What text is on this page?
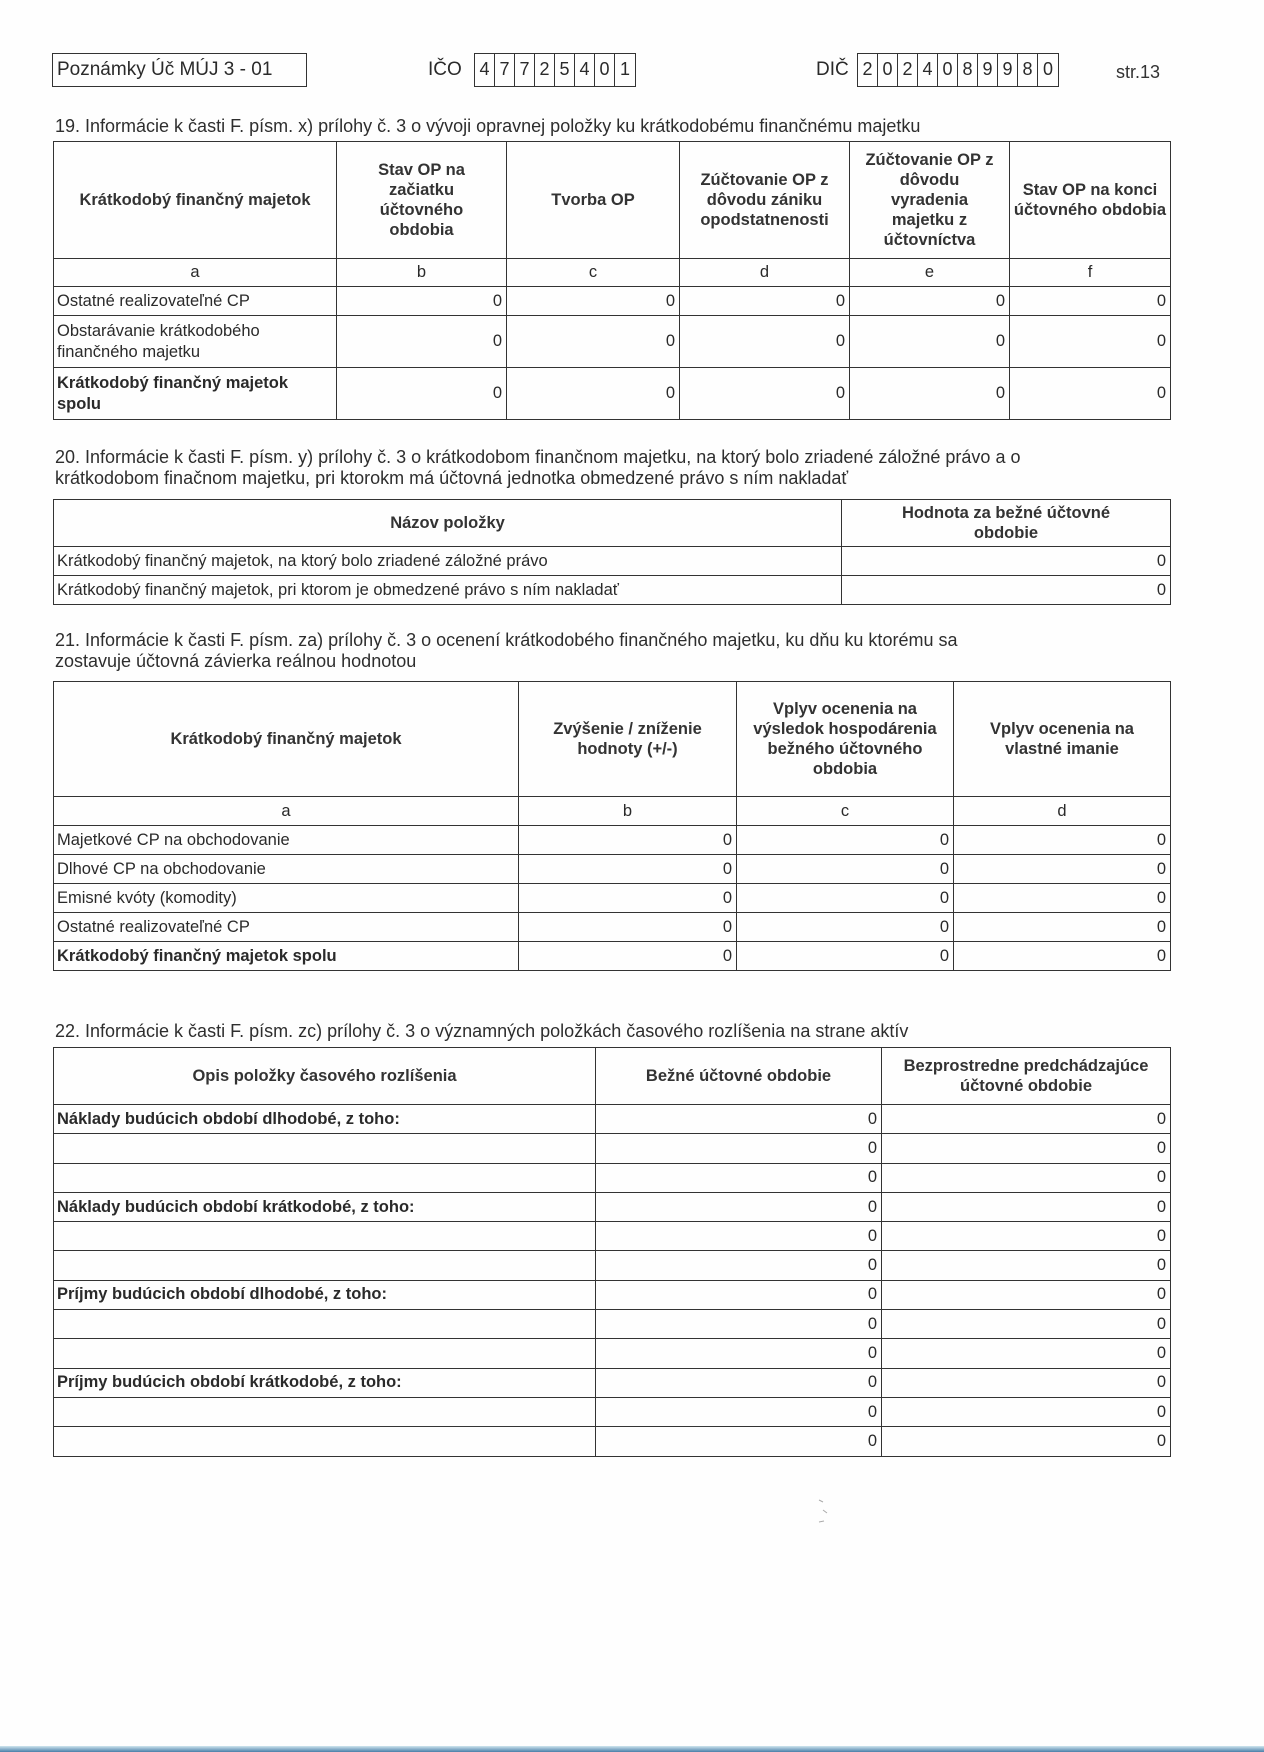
Poznámky Úč MÚJ 3 - 01	IČO 4 7 7 2 5 4 0 1	DIČ 2 0 2 4 0 8 9 9 8 0	str.13
19. Informácie k časti F. písm. x) prílohy č. 3 o vývoji opravnej položky ku krátkodobému finančnému majetku
Krátkodobý finančný majetok	Stav OP na začiatku účtovného obdobia	Tvorba OP	Zúčtovanie OP z dôvodu zániku opodstatnenosti	Zúčtovanie OP z dôvodu vyradenia majetku z účtovníctva	Stav OP na konci účtovného obdobia
a	b	c	d	e	f
Ostatné realizovateľné CP	0	0	0	0	0
Obstarávanie krátkodobého finančného majetku	0	0	0	0	0
Krátkodobý finančný majetok spolu	0	0	0	0	0
20. Informácie k časti F. písm. y) prílohy č. 3 o krátkodobom finančnom majetku, na ktorý bolo zriadené záložné právo a o
krátkodobom finačnom majetku, pri ktorokm má účtovná jednotka obmedzené právo s ním nakladať
Názov položky	Hodnota za bežné účtovné obdobie
Krátkodobý finančný majetok, na ktorý bolo zriadené záložné právo	0
Krátkodobý finančný majetok, pri ktorom je obmedzené právo s ním nakladať	0
21. Informácie k časti F. písm. za) prílohy č. 3 o ocenení krátkodobého finančného majetku, ku dňu ku ktorému sa
zostavuje účtovná závierka reálnou hodnotou
Krátkodobý finančný majetok	Zvýšenie / zníženie hodnoty (+/-)	Vplyv ocenenia na výsledok hospodárenia bežného účtovného obdobia	Vplyv ocenenia na vlastné imanie
a	b	c	d
Majetkové CP na obchodovanie	0	0	0
Dlhové CP na obchodovanie	0	0	0
Emisné kvóty (komodity)	0	0	0
Ostatné realizovateľné CP	0	0	0
Krátkodobý finančný majetok spolu	0	0	0
22. Informácie k časti F. písm. zc) prílohy č. 3 o významných položkách časového rozlíšenia na strane aktív
Opis položky časového rozlíšenia	Bežné účtovné obdobie	Bezprostredne predchádzajúce účtovné obdobie
Náklady budúcich období dlhodobé, z toho:	0	0
	0	0
	0	0
Náklady budúcich období krátkodobé, z toho:	0	0
	0	0
	0	0
Príjmy budúcich období dlhodobé, z toho:	0	0
	0	0
	0	0
Príjmy budúcich období krátkodobé, z toho:	0	0
	0	0
	0	0
